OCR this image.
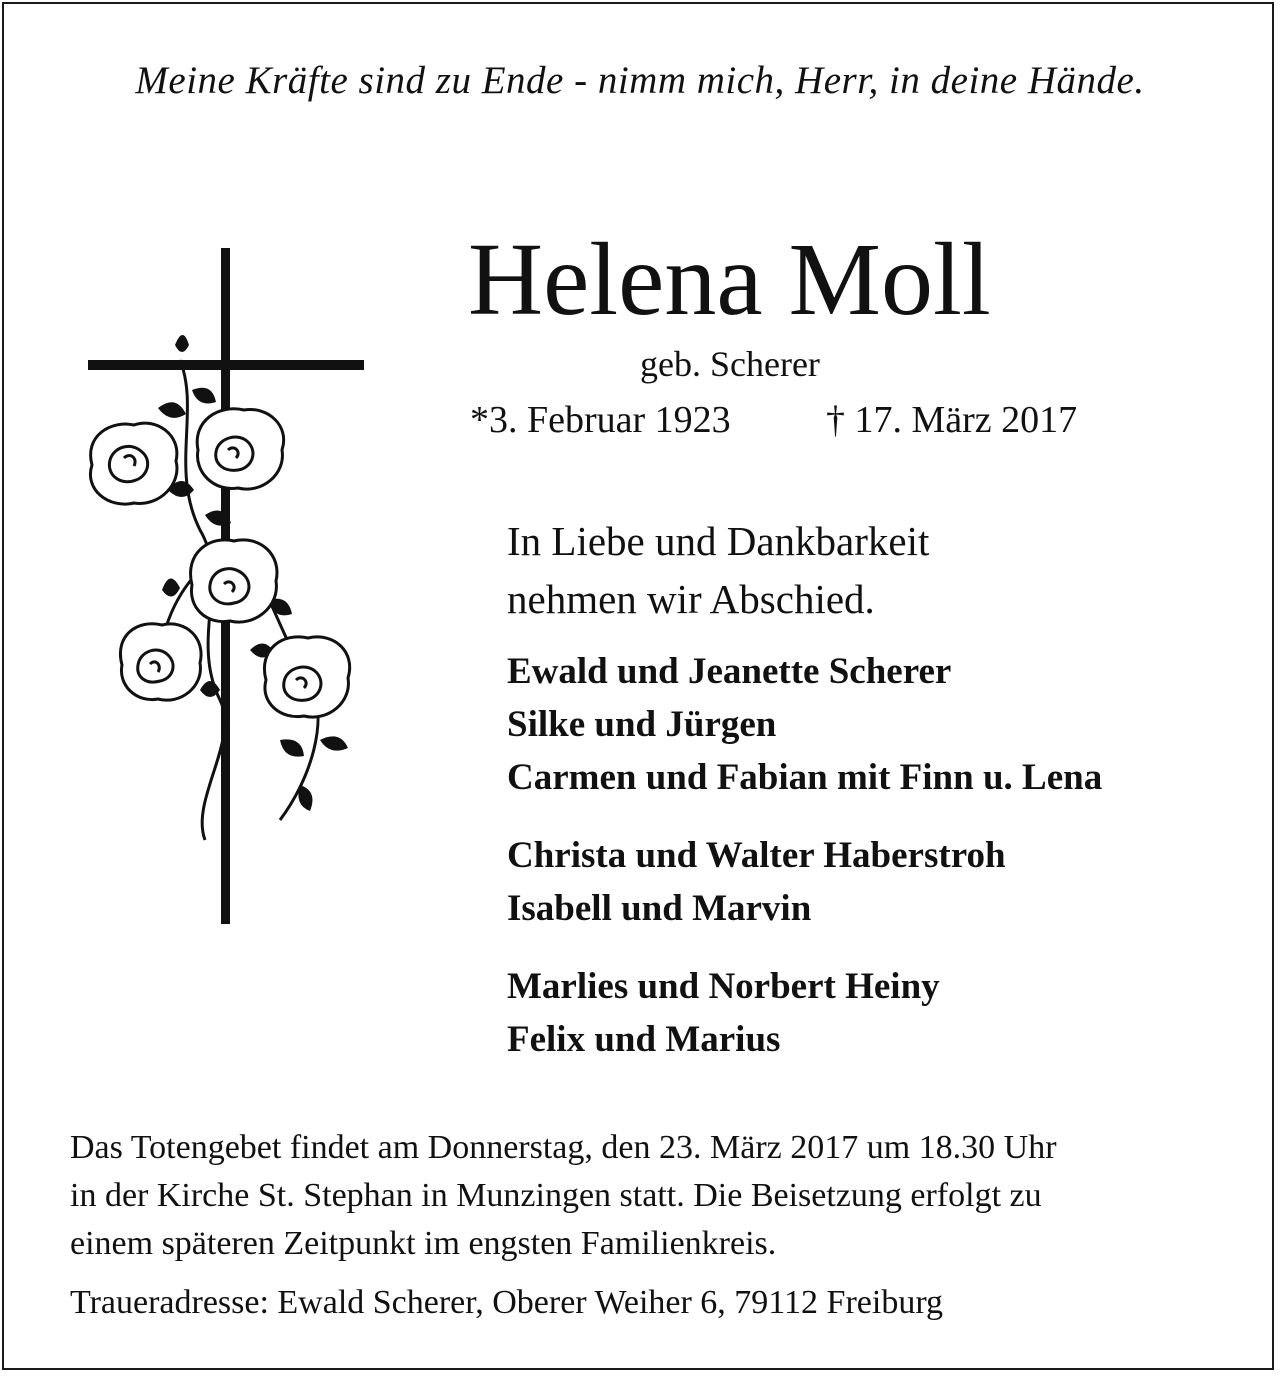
Meine Kräfte sind zu Ende - nimm mich, Herr, in deine Hände.
Helena Moll
geb. Scherer
*3. Februar 1923	† 17. März 2017
In Liebe und Dankbarkeit
nehmen wir Abschied.
Ewald und Jeanette Scherer
Silke und Jürgen
Carmen und Fabian mit Finn u. Lena
Christa und Walter Haberstroh
Isabell und Marvin
Marlies und Norbert Heiny
Felix und Marius
Das Totengebet findet am Donnerstag, den 23. März 2017 um 18.30 Uhr
in der Kirche St. Stephan in Munzingen statt. Die Beisetzung erfolgt zu
einem späteren Zeitpunkt im engsten Familienkreis.
Traueradresse: Ewald Scherer, Oberer Weiher 6, 79112 Freiburg
